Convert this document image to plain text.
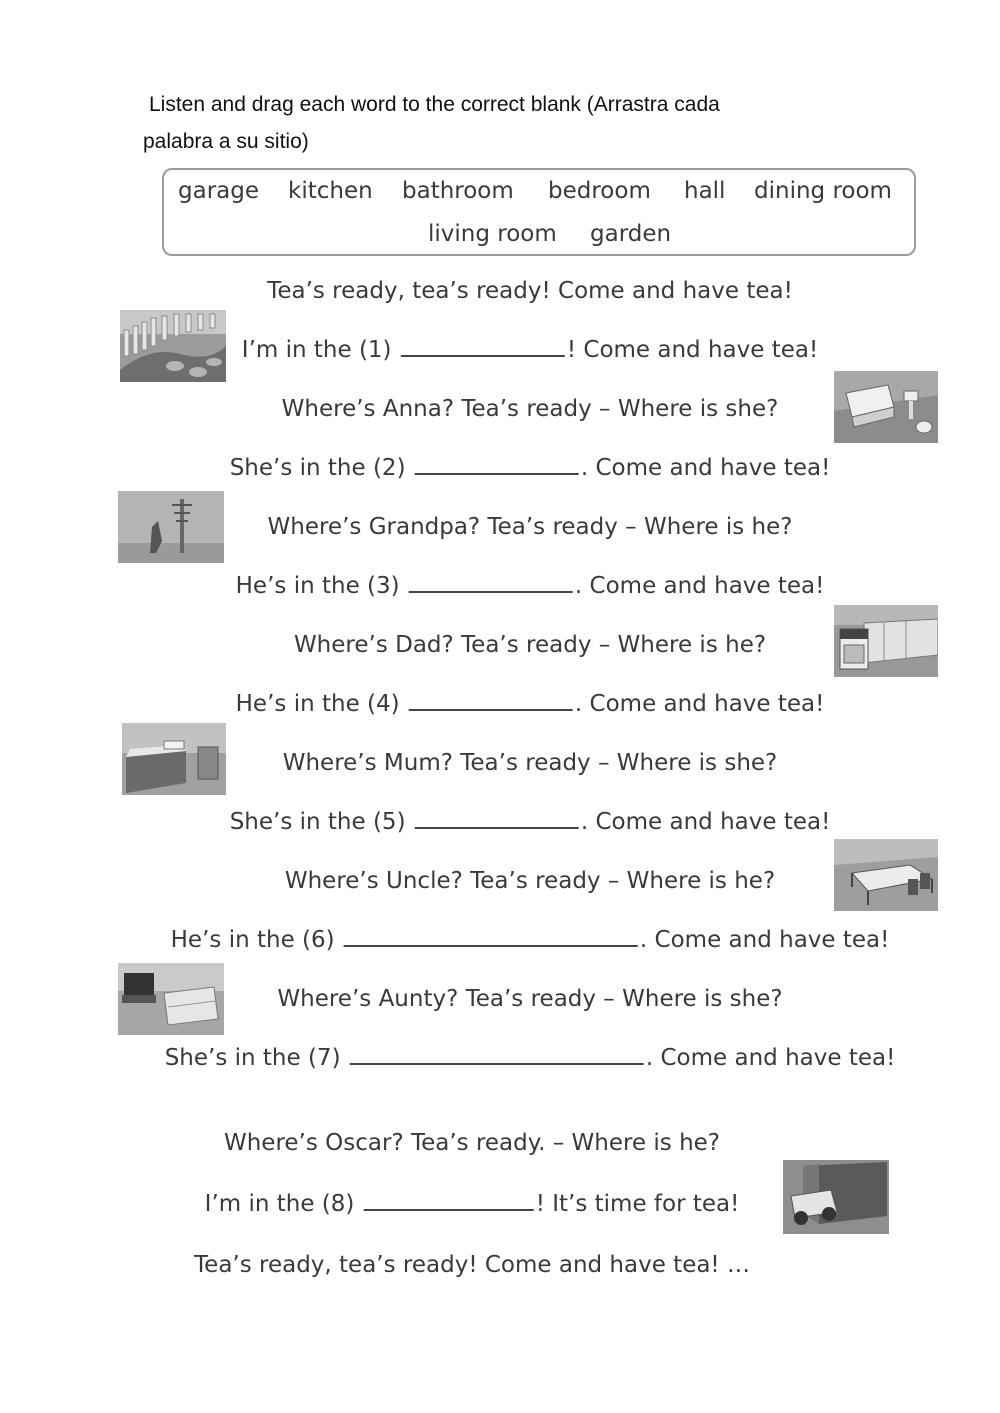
Listen and drag each word to the correct blank (Arrastra cada
palabra a su sitio)
garage kitchen bathroom bedroom hall dining room
living room garden
Tea’s ready, tea’s ready! Come and have tea!
I’m in the (1)	! Come and have tea!
Where’s Anna? Tea’s ready – Where is she?
She’s in the (2)	. Come and have tea!
Where’s Grandpa? Tea’s ready – Where is he?
He’s in the (3)	. Come and have tea!
Where’s Dad? Tea’s ready – Where is he?
He’s in the (4)	. Come and have tea!
Where’s Mum? Tea’s ready – Where is she?
She’s in the (5)	. Come and have tea!
Where’s Uncle? Tea’s ready – Where is he?
He’s in the (6)	. Come and have tea!
Where’s Aunty? Tea’s ready – Where is she?
She’s in the (7)	. Come and have tea!
Where’s Oscar? Tea’s ready. – Where is he?
I’m in the (8)	! It’s time for tea!
Tea’s ready, tea’s ready! Come and have tea! …
